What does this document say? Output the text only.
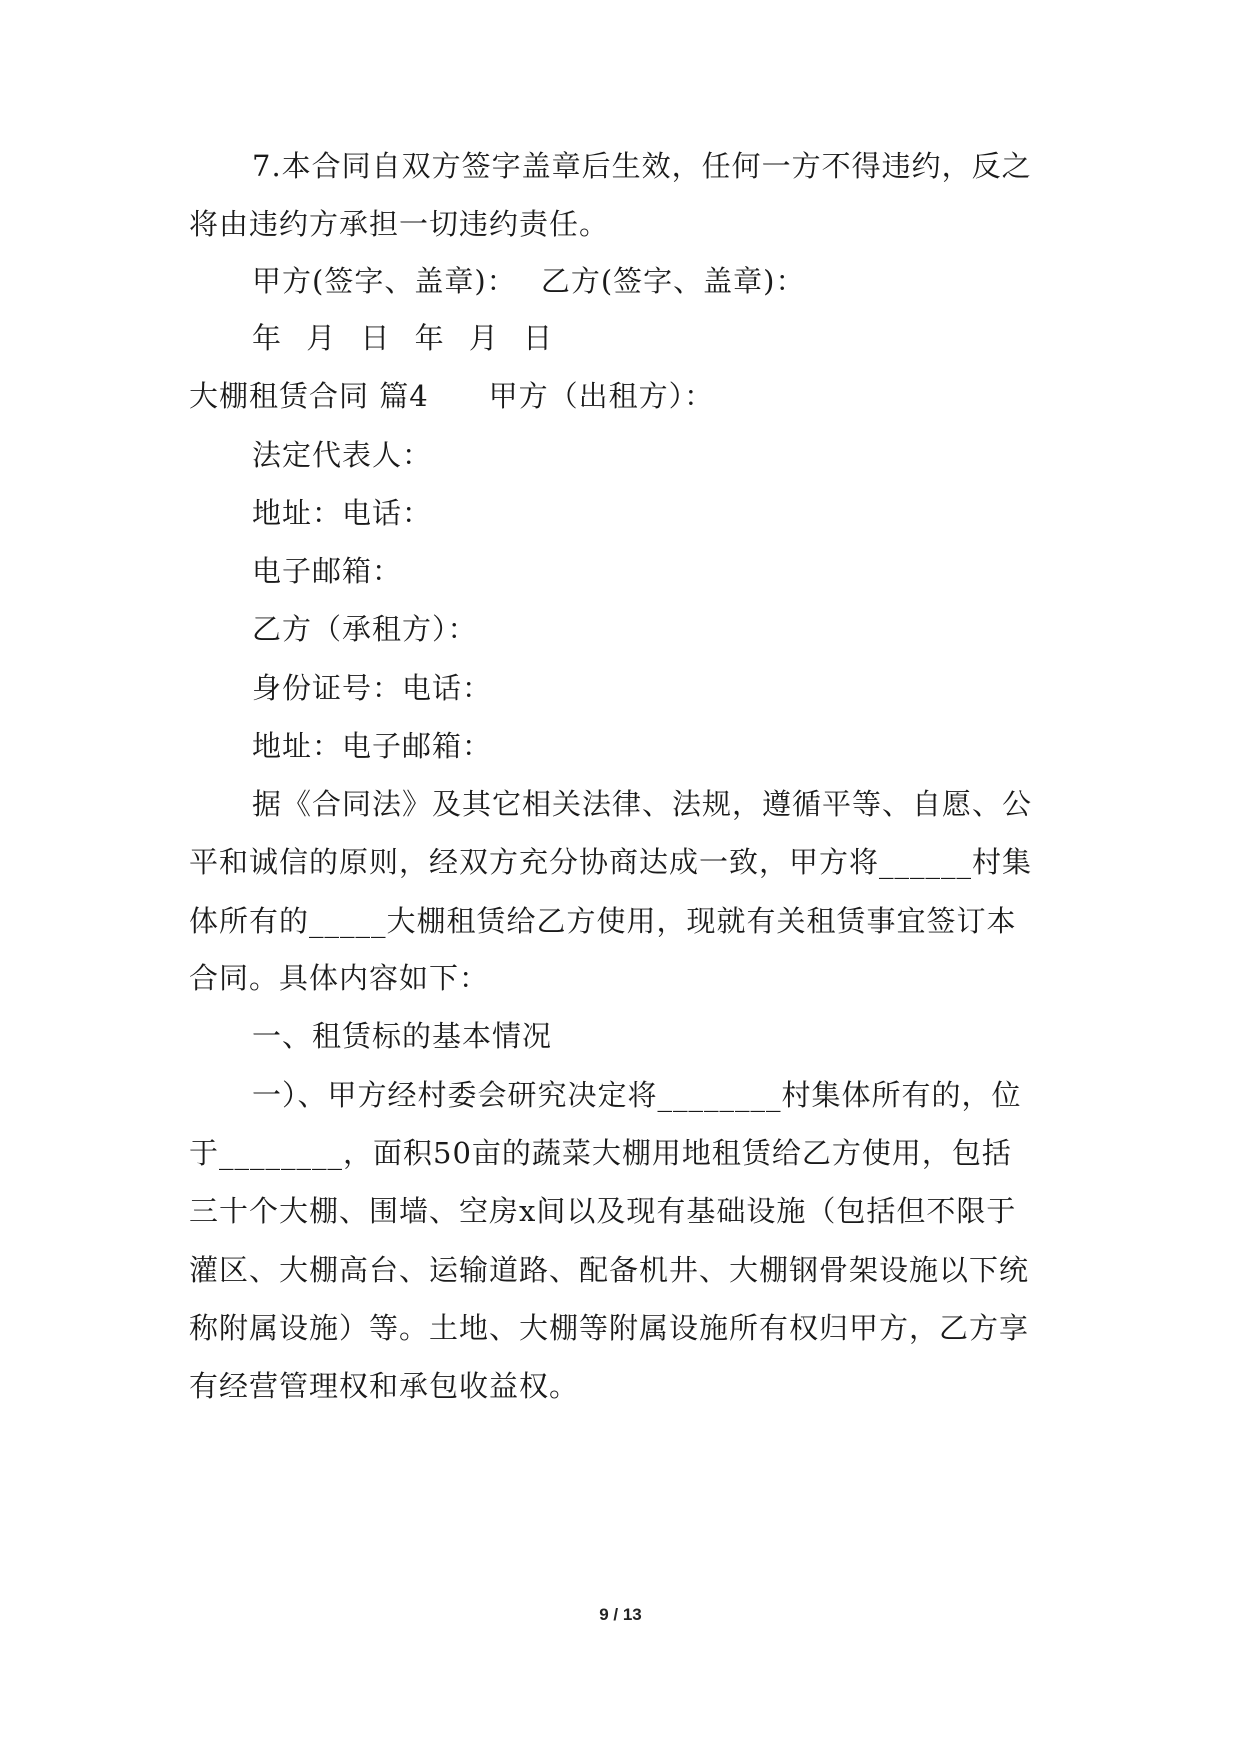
7.本合同自双方签字盖章后生效，任何一方不得违约，反之
将由违约方承担一切违约责任。
甲方(签字、盖章)： 乙方(签字、盖章)：
年 月 日 年 月 日
大棚租赁合同 篇4　　甲方（出租方）：
法定代表人：
地址：电话：
电子邮箱：
乙方（承租方）：
身份证号：电话：
地址：电子邮箱：
据《合同法》及其它相关法律、法规，遵循平等、自愿、公
平和诚信的原则，经双方充分协商达成一致，甲方将______村集
体所有的_____大棚租赁给乙方使用，现就有关租赁事宜签订本
合同。具体内容如下：
一、租赁标的基本情况
一）、甲方经村委会研究决定将________村集体所有的，位
于________，面积50亩的蔬菜大棚用地租赁给乙方使用，包括
三十个大棚、围墙、空房x间以及现有基础设施（包括但不限于
灌区、大棚高台、运输道路、配备机井、大棚钢骨架设施以下统
称附属设施）等。土地、大棚等附属设施所有权归甲方，乙方享
有经营管理权和承包收益权。
9 / 13
